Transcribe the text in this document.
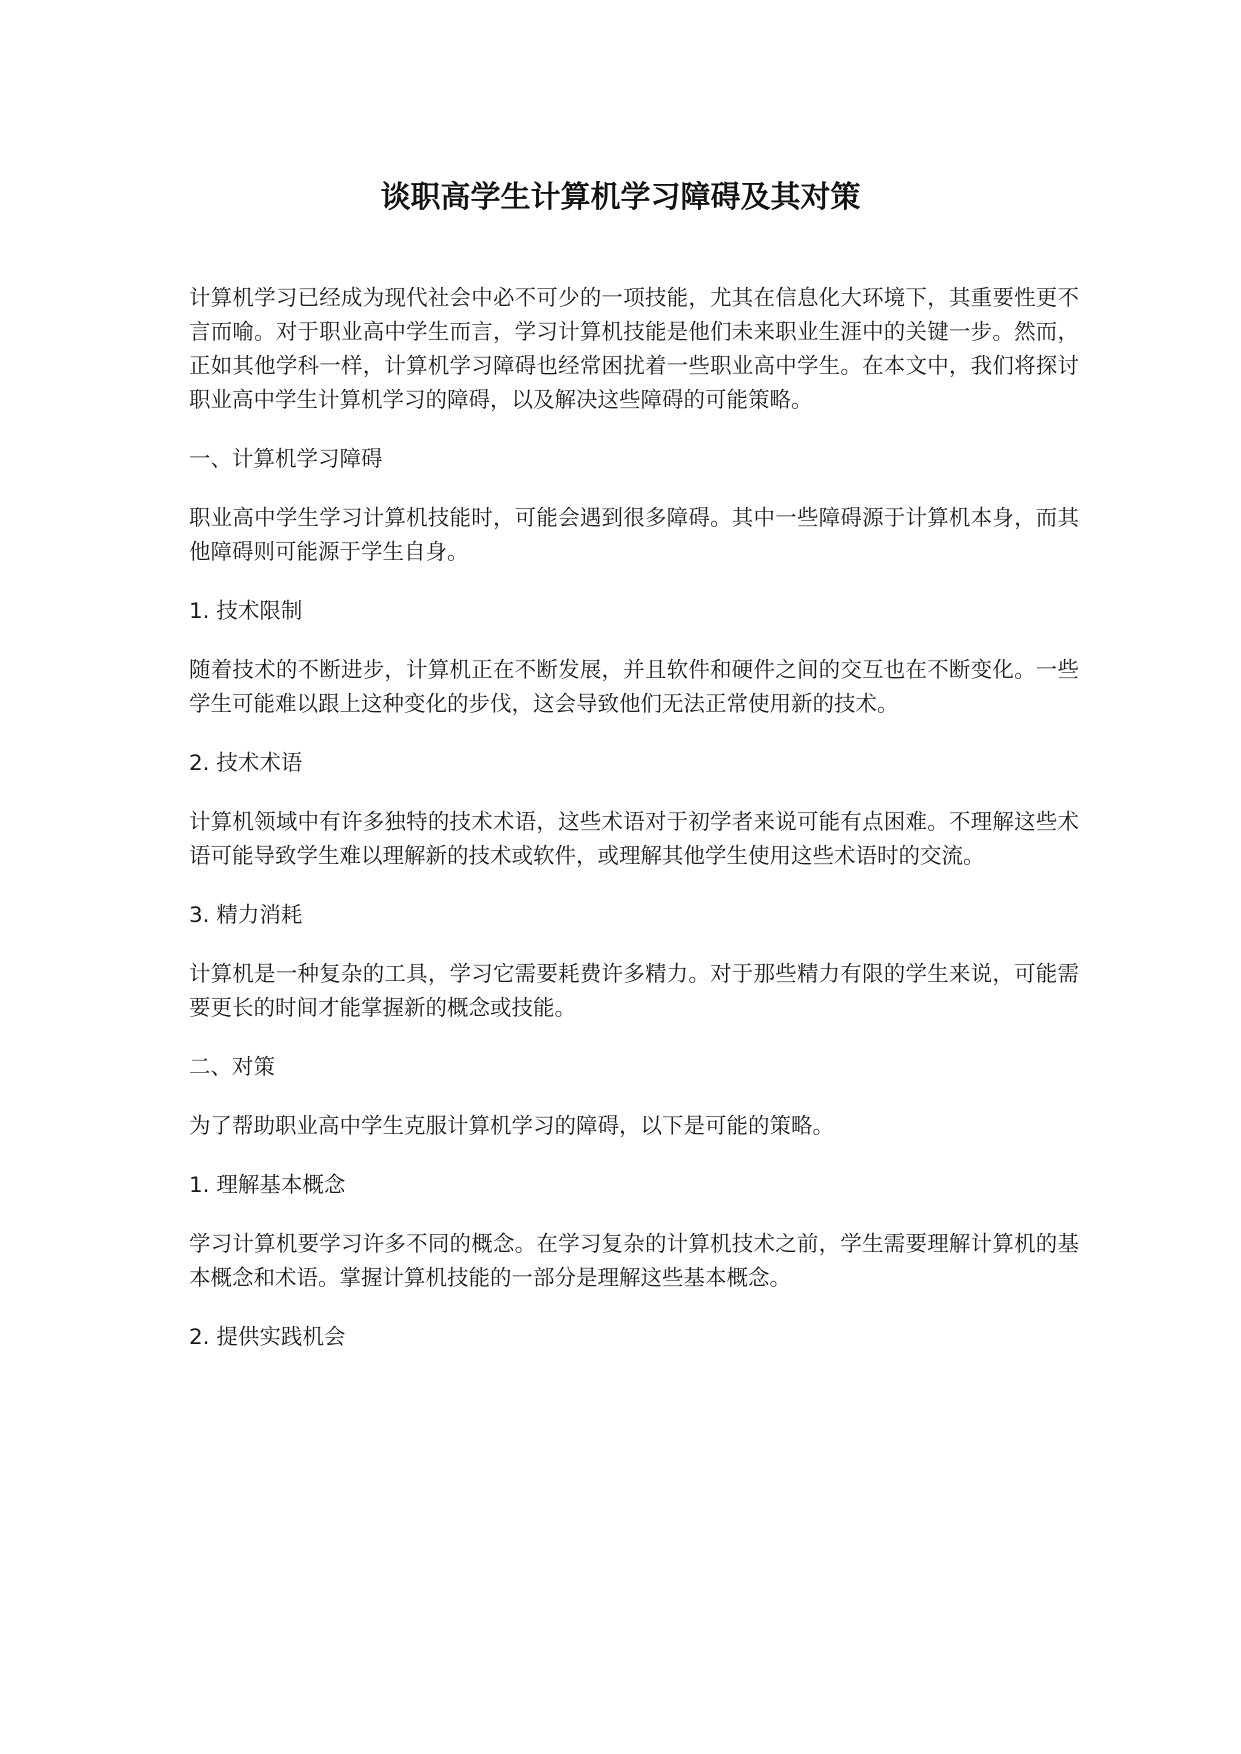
谈职高学生计算机学习障碍及其对策

计算机学习已经成为现代社会中必不可少的一项技能，尤其在信息化大环境下，其重要性更不言而喻。对于职业高中学生而言，学习计算机技能是他们未来职业生涯中的关键一步。然而，正如其他学科一样，计算机学习障碍也经常困扰着一些职业高中学生。在本文中，我们将探讨职业高中学生计算机学习的障碍，以及解决这些障碍的可能策略。

一、计算机学习障碍

职业高中学生学习计算机技能时，可能会遇到很多障碍。其中一些障碍源于计算机本身，而其他障碍则可能源于学生自身。

1. 技术限制

随着技术的不断进步，计算机正在不断发展，并且软件和硬件之间的交互也在不断变化。一些学生可能难以跟上这种变化的步伐，这会导致他们无法正常使用新的技术。

2. 技术术语

计算机领域中有许多独特的技术术语，这些术语对于初学者来说可能有点困难。不理解这些术语可能导致学生难以理解新的技术或软件，或理解其他学生使用这些术语时的交流。

3. 精力消耗

计算机是一种复杂的工具，学习它需要耗费许多精力。对于那些精力有限的学生来说，可能需要更长的时间才能掌握新的概念或技能。

二、对策

为了帮助职业高中学生克服计算机学习的障碍，以下是可能的策略。

1. 理解基本概念

学习计算机要学习许多不同的概念。在学习复杂的计算机技术之前，学生需要理解计算机的基本概念和术语。掌握计算机技能的一部分是理解这些基本概念。

2. 提供实践机会
